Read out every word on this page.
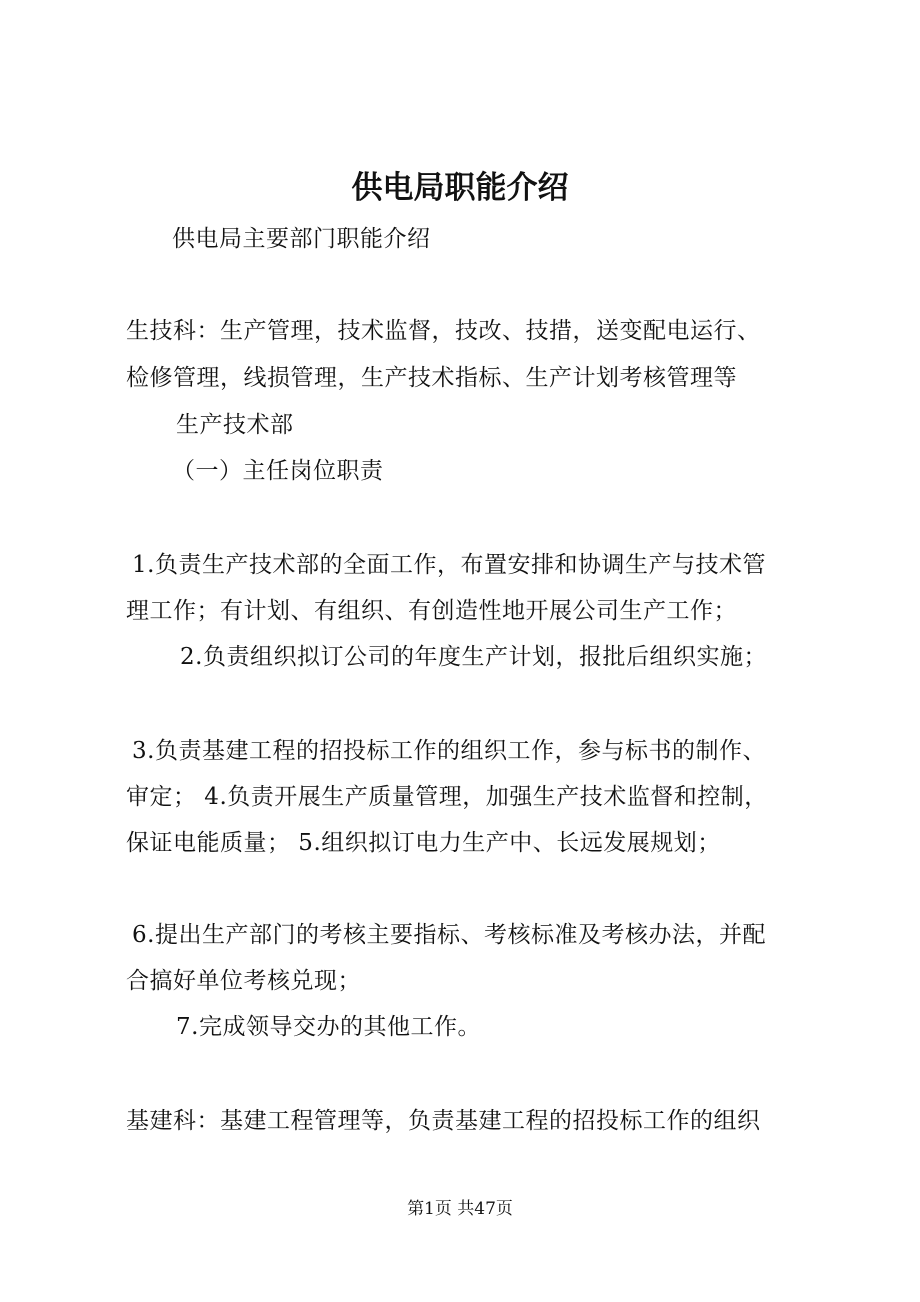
供电局职能介绍

供电局主要部门职能介绍

生技科：生产管理，技术监督，技改、技措，送变配电运行、

检修管理，线损管理，生产技术指标、生产计划考核管理等

生产技术部

（一）主任岗位职责

1.负责生产技术部的全面工作，布置安排和协调生产与技术管

理工作；有计划、有组织、有创造性地开展公司生产工作；

2.负责组织拟订公司的年度生产计划，报批后组织实施；

3.负责基建工程的招投标工作的组织工作，参与标书的制作、

审定； 4.负责开展生产质量管理，加强生产技术监督和控制，

保证电能质量； 5.组织拟订电力生产中、长远发展规划；

6.提出生产部门的考核主要指标、考核标准及考核办法，并配

合搞好单位考核兑现；

7.完成领导交办的其他工作。

基建科：基建工程管理等，负责基建工程的招投标工作的组织

第1页 共47页
